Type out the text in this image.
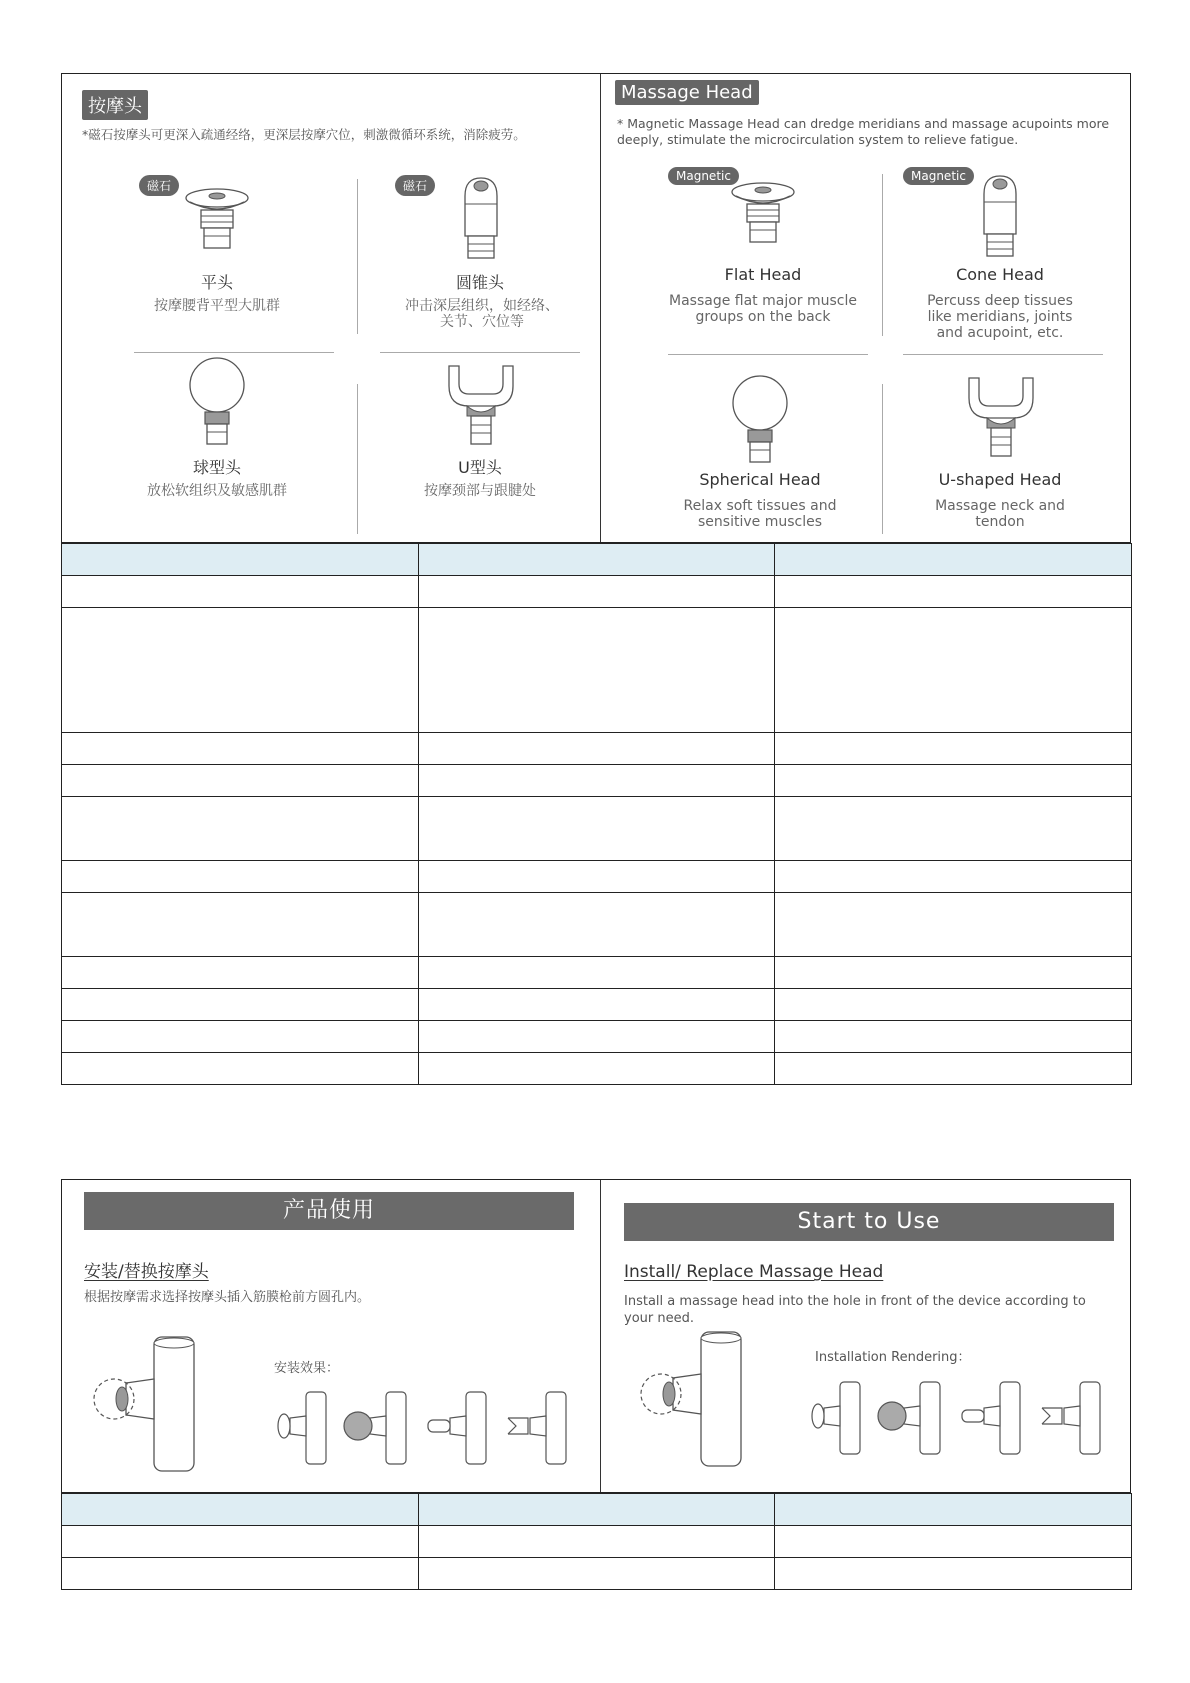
按摩头
*磁石按摩头可更深入疏通经络，更深层按摩穴位，刺激微循环系统，消除疲劳。
磁石
平头
按摩腰背平型大肌群
磁石
圆锥头
冲击深层组织，如经络、关节、穴位等
球型头
放松软组织及敏感肌群
U型头
按摩颈部与跟腱处
Massage Head
* Magnetic Massage Head can dredge meridians and massage acupoints more deeply, stimulate the microcirculation system to relieve fatigue.
Magnetic
Flat Head
Massage flat major muscle groups on the back
Magnetic
Cone Head
Percuss deep tissues like meridians, joints and acupoint, etc.
Spherical Head
Relax soft tissues and sensitive muscles
U-shaped Head
Massage neck and tendon

产品使用
安装/替换按摩头
根据按摩需求选择按摩头插入筋膜枪前方圆孔内。
安装效果：
Start to Use
Install/ Replace Massage Head
Install a massage head into the hole in front of the device according to your need.
Installation Rendering：
